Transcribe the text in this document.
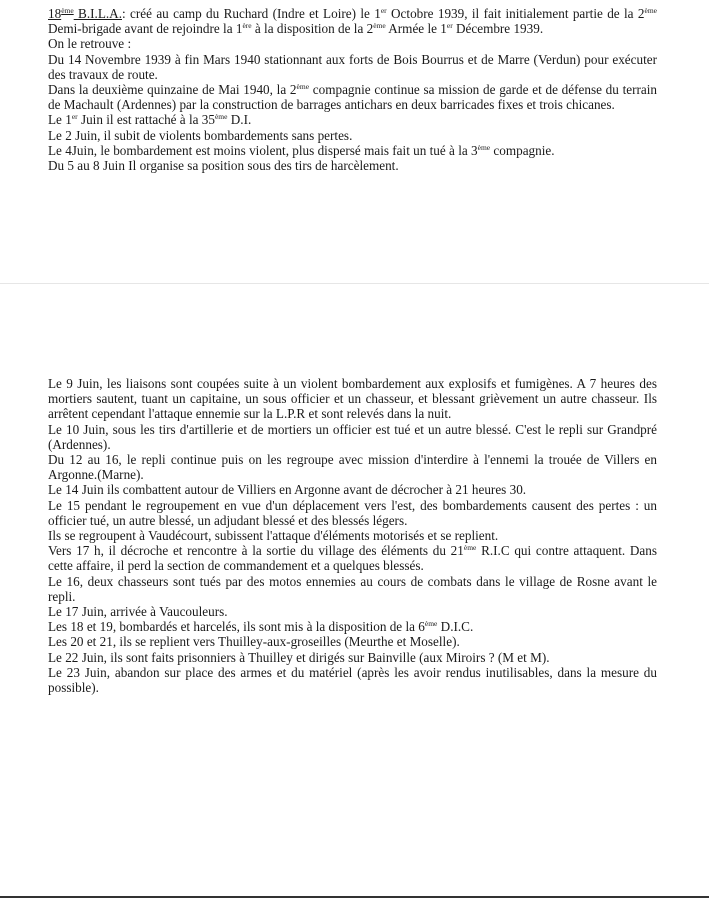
18ème B.I.L.A.: créé au camp du Ruchard (Indre et Loire) le 1er Octobre 1939, il fait initialement partie de la 2ème Demi-brigade avant de rejoindre la 1ère à la disposition de la 2ème Armée le 1er Décembre 1939.

On le retrouve :

Du 14 Novembre 1939 à fin Mars 1940 stationnant aux forts de Bois Bourrus et de Marre (Verdun) pour exécuter des travaux de route.

Dans la deuxième quinzaine de Mai 1940, la 2ème compagnie continue sa mission de garde et de défense du terrain de Machault (Ardennes) par la construction de barrages antichars en deux barricades fixes et trois chicanes.

Le 1er Juin il est rattaché à la 35ème D.I.

Le 2 Juin, il subit de violents bombardements sans pertes.

Le 4Juin, le bombardement est moins violent, plus dispersé mais fait un tué à la 3ème compagnie.

Du 5 au 8 Juin Il organise sa position sous des tirs de harcèlement.

Le 9 Juin, les liaisons sont coupées suite à un violent bombardement aux explosifs et fumigènes. A 7 heures des mortiers sautent, tuant un capitaine, un sous officier et un chasseur, et blessant grièvement un autre chasseur. Ils arrêtent cependant l'attaque ennemie sur la L.P.R et sont relevés dans la nuit.

Le 10 Juin, sous les tirs d'artillerie et de mortiers un officier est tué et un autre blessé. C'est le repli sur Grandpré (Ardennes).

Du 12 au 16, le repli continue puis on les regroupe avec mission d'interdire à l'ennemi la trouée de Villers en Argonne.(Marne).

Le 14 Juin ils combattent autour de Villiers en Argonne avant de décrocher à 21 heures 30.

Le 15 pendant le regroupement en vue d'un déplacement vers l'est, des bombardements causent des pertes : un officier tué, un autre blessé, un adjudant blessé et des blessés légers.

Ils se regroupent à Vaudécourt, subissent l'attaque d'éléments motorisés et se replient.

Vers 17 h, il décroche et rencontre à la sortie du village des éléments du 21ème R.I.C qui contre attaquent. Dans cette affaire, il perd la section de commandement et a quelques blessés.

Le 16, deux chasseurs sont tués par des motos ennemies au cours de combats dans le village de Rosne avant le repli.

Le 17 Juin, arrivée à Vaucouleurs.

Les 18 et 19, bombardés et harcelés, ils sont mis à la disposition de la 6ème D.I.C.

Les 20 et 21, ils se replient vers Thuilley-aux-groseilles (Meurthe et Moselle).

Le 22 Juin, ils sont faits prisonniers à Thuilley et dirigés sur Bainville (aux Miroirs ? (M et M).

Le 23 Juin, abandon sur place des armes et du matériel (après les avoir rendus inutilisables, dans la mesure du possible).
